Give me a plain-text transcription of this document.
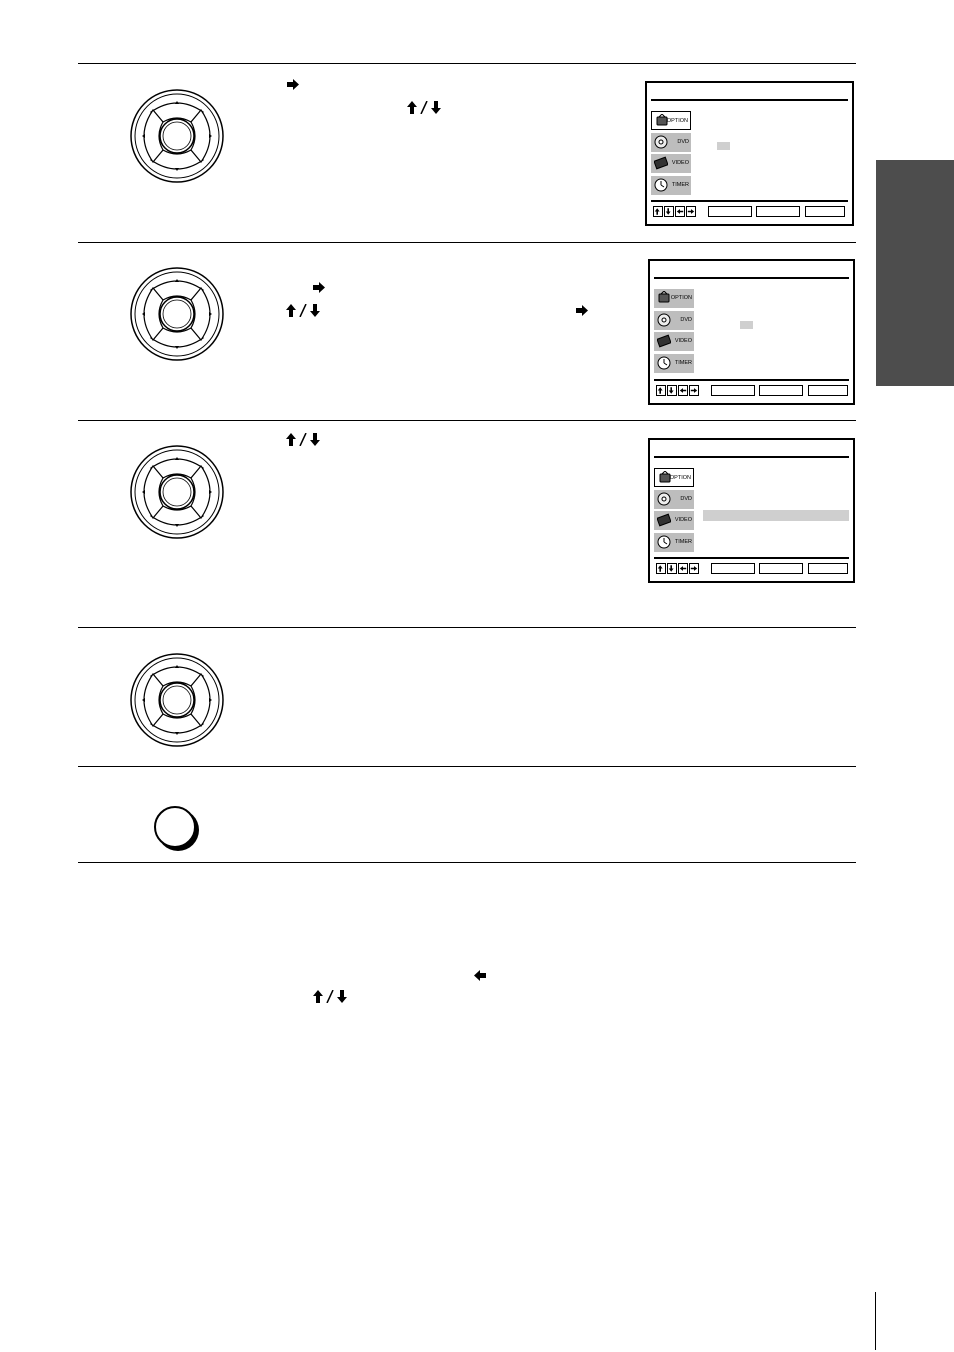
OPTION
DVD
VIDEO
TIMER
OPTION
DVD
VIDEO
TIMER
OPTION
DVD
VIDEO
TIMER
